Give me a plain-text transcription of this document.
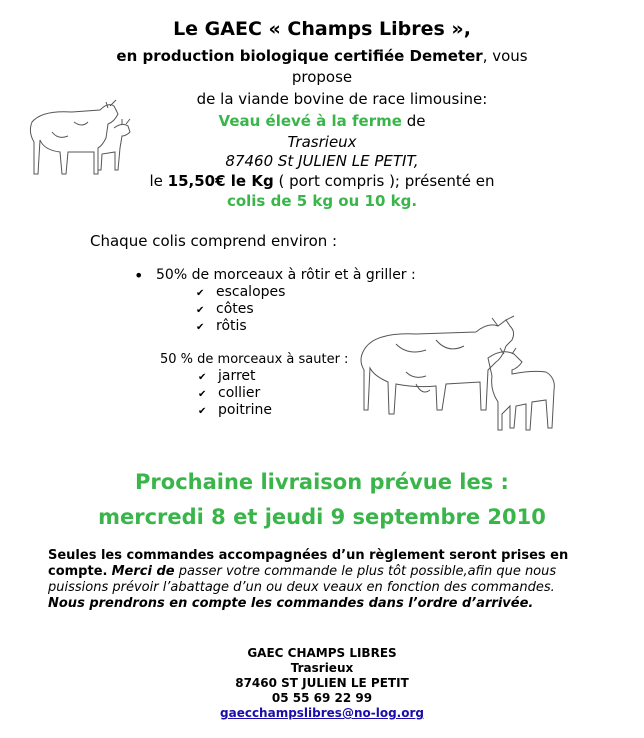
Le GAEC « Champs Libres »,
en production biologique certifiée Demeter, vous
propose
de la viande bovine de race limousine:
Veau élevé à la ferme de
Trasrieux
87460 St JULIEN LE PETIT,
le 15,50€ le Kg ( port compris ); présenté en
colis de 5 kg ou 10 kg.
Chaque colis comprend environ :
• 50% de morceaux à rôtir et à griller :
✔ escalopes
✔ côtes
✔ rôtis
50 % de morceaux à sauter :
✔ jarret
✔ collier
✔ poitrine
Prochaine livraison prévue les :
mercredi 8 et jeudi 9 septembre 2010
Seules les commandes accompagnées d’un règlement seront prises en compte. Merci de passer votre commande le plus tôt possible,afin que nous puissions prévoir l’abattage d’un ou deux veaux en fonction des commandes.
Nous prendrons en compte les commandes dans l’ordre d’arrivée.
GAEC CHAMPS LIBRES
Trasrieux
87460 ST JULIEN LE PETIT
05 55 69 22 99
gaecchampslibres@no-log.org
